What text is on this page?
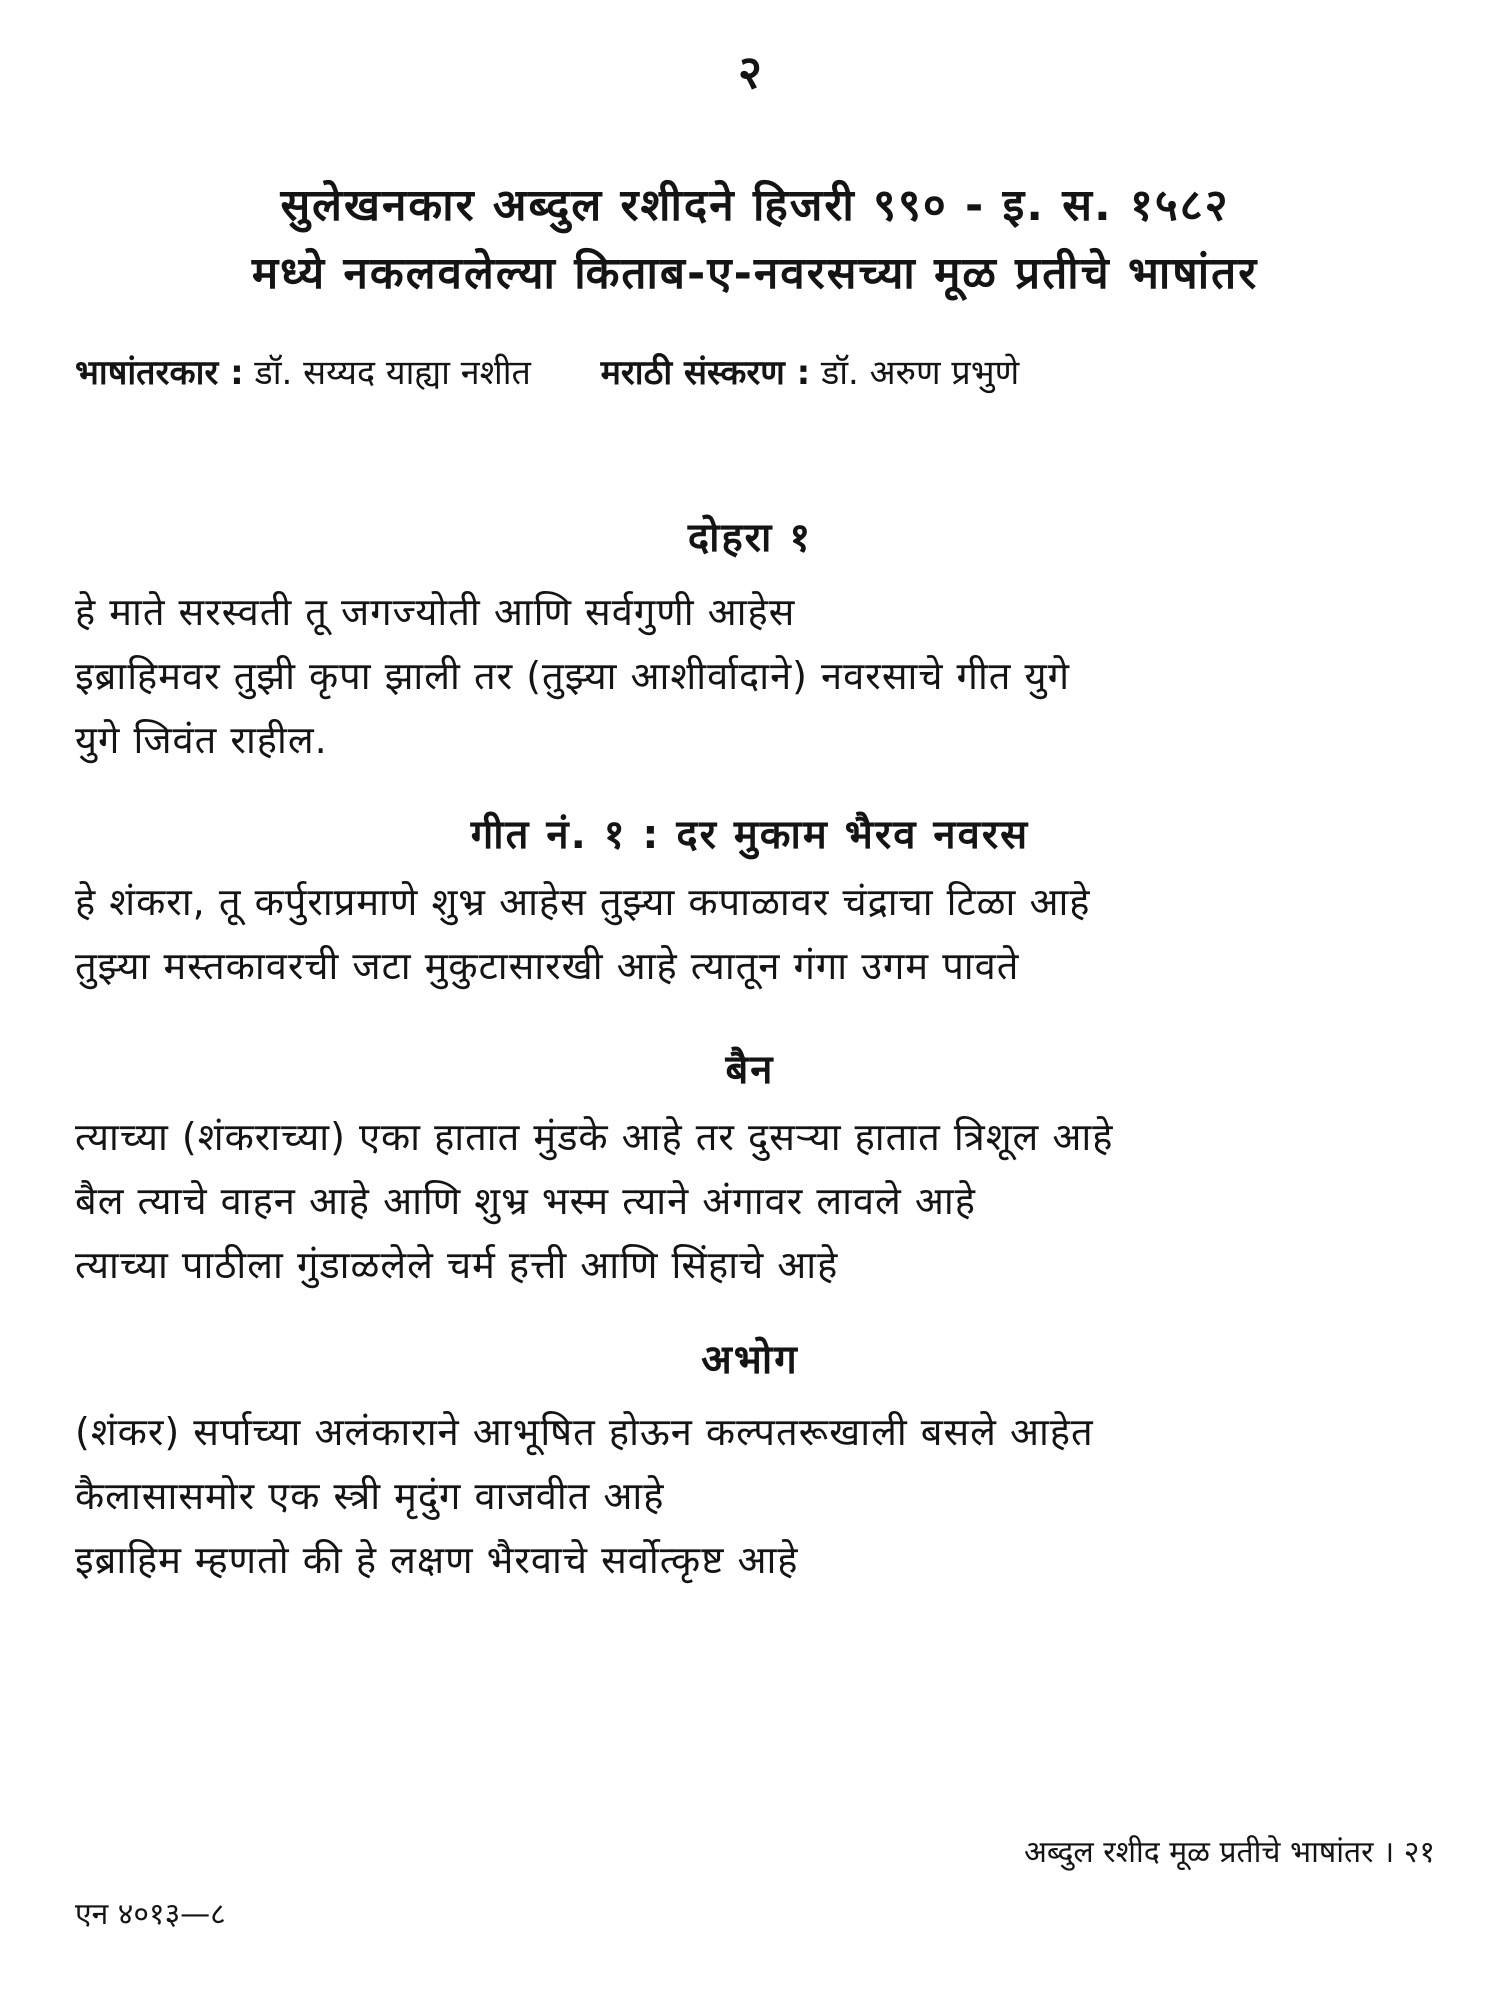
२
सुलेखनकार अब्दुल रशीदने हिजरी ९९० - इ. स. १५८२
मध्ये नकलवलेल्या किताब-ए-नवरसच्या मूळ प्रतीचे भाषांतर
भाषांतरकार : डॉ. सय्यद याह्या नशीत मराठी संस्करण : डॉ. अरुण प्रभुणे
दोहरा १
हे माते सरस्वती तू जगज्योती आणि सर्वगुणी आहेस
इब्राहिमवर तुझी कृपा झाली तर (तुझ्या आशीर्वादाने) नवरसाचे गीत युगे
युगे जिवंत राहील.
गीत नं. १ : दर मुकाम भैरव नवरस
हे शंकरा, तू कर्पुराप्रमाणे शुभ्र आहेस तुझ्या कपाळावर चंद्राचा टिळा आहे
तुझ्या मस्तकावरची जटा मुकुटासारखी आहे त्यातून गंगा उगम पावते
बैन
त्याच्या (शंकराच्या) एका हातात मुंडके आहे तर दुसऱ्या हातात त्रिशूल आहे
बैल त्याचे वाहन आहे आणि शुभ्र भस्म त्याने अंगावर लावले आहे
त्याच्या पाठीला गुंडाळलेले चर्म हत्ती आणि सिंहाचे आहे
अभोग
(शंकर) सर्पाच्या अलंकाराने आभूषित होऊन कल्पतरूखाली बसले आहेत
कैलासासमोर एक स्त्री मृदुंग वाजवीत आहे
इब्राहिम म्हणतो की हे लक्षण भैरवाचे सर्वोत्कृष्ट आहे
अब्दुल रशीद मूळ प्रतीचे भाषांतर । २१
एन ४०१३—८
